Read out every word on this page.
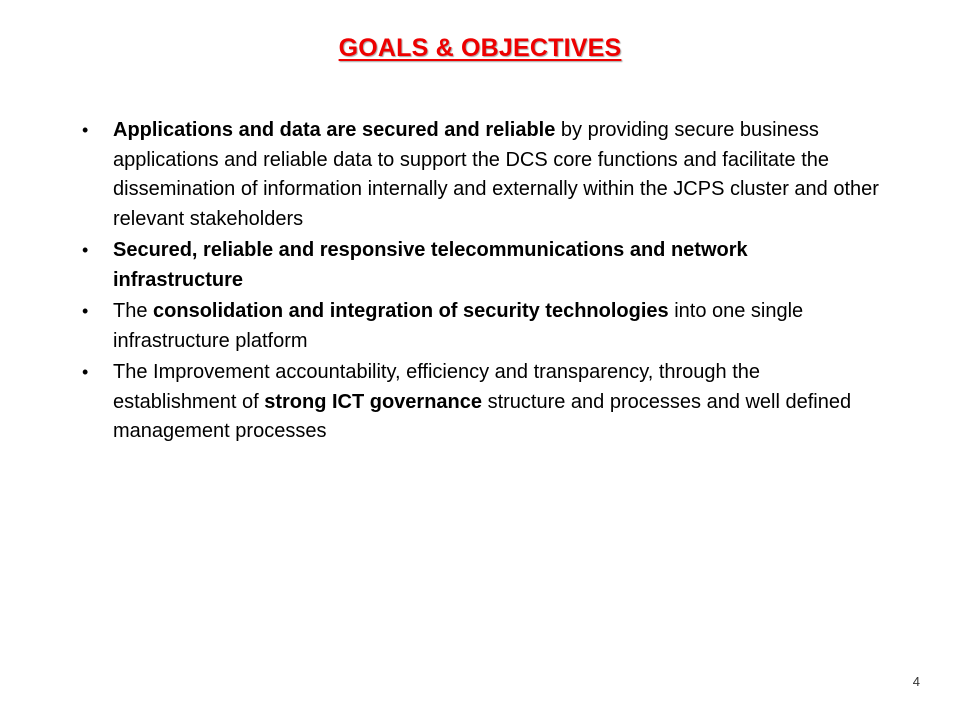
GOALS & OBJECTIVES
• Applications and data are secured and reliable by providing secure business applications and reliable data to support the DCS core functions and facilitate the dissemination of information internally and externally within the JCPS cluster and other relevant stakeholders
• Secured, reliable and responsive telecommunications and network infrastructure
• The consolidation and integration of security technologies into one single infrastructure platform
• The Improvement accountability, efficiency and transparency, through the establishment of strong ICT governance structure and processes and well defined management processes
4
